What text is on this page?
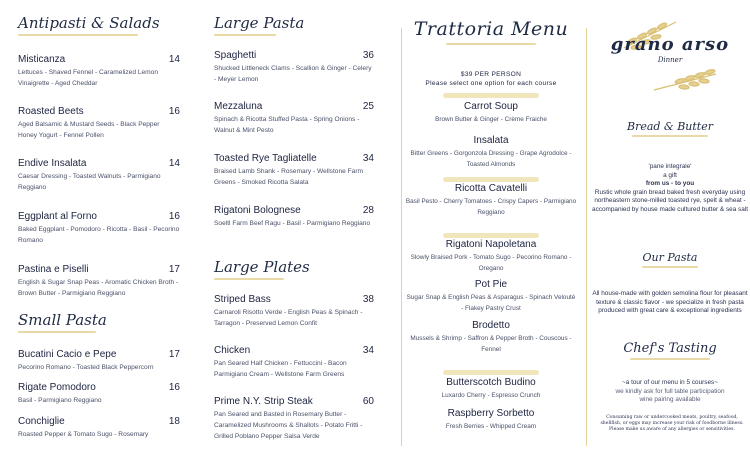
Antipasti & Salads
Misticanza	14
Lettuces - Shaved Fennel - Caramelized Lemon Vinaigrette - Aged Cheddar
Roasted Beets	16
Aged Balsamic & Mustard Seeds - Black Pepper Honey Yogurt - Fennel Pollen
Endive Insalata	14
Caesar Dressing - Toasted Walnuts - Parmigiano Reggiano
Eggplant al Forno	16
Baked Eggplant - Pomodoro - Ricotta - Basil - Pecorino Romano
Pastina e Piselli	17
English & Sugar Snap Peas - Aromatic Chicken Broth - Brown Butter - Parmigiano Reggiano
Small Pasta
Bucatini Cacio e Pepe	17
Pecorino Romano - Toasted Black Peppercorn
Rigate Pomodoro	16
Basil - Parmigiano Reggiano
Conchiglie	18
Roasted Pepper & Tomato Sugo - Rosemary
Large Pasta
Spaghetti	36
Shucked Littleneck Clams - Scallion & Ginger - Celery - Meyer Lemon
Mezzaluna	25
Spinach & Ricotta Stuffed Pasta - Spring Onions - Walnut & Mint Pesto
Toasted Rye Tagliatelle	34
Braised Lamb Shank - Rosemary - Wellstone Farm Greens - Smoked Ricotta Salata
Rigatoni Bolognese	28
Soeltl Farm Beef Ragu - Basil - Parmigiano Reggiano
Large Plates
Striped Bass	38
Carnaroli Risotto Verde - English Peas & Spinach - Tarragon - Preserved Lemon Confit
Chicken	34
Pan Seared Half Chicken - Fettuccini - Bacon Parmigiano Cream - Wellstone Farm Greens
Prime N.Y. Strip Steak	60
Pan Seared and Basted in Rosemary Butter - Caramelized Mushrooms & Shallots - Potato Fritti - Grilled Poblano Pepper Salsa Verde
Trattoria Menu
$39 PER PERSON
Please select one option for each course
Carrot Soup
Brown Butter & Ginger - Crème Fraiche
Insalata
Bitter Greens - Gorgonzola Dressing - Grape Agrodolce - Toasted Almonds
Ricotta Cavatelli
Basil Pesto - Cherry Tomatoes - Crispy Capers - Parmigiano Reggiano
Rigatoni Napoletana
Slowly Braised Pork - Tomato Sugo - Pecorino Romano - Oregano
Pot Pie
Sugar Snap & English Peas & Asparagus - Spinach Velouté - Flakey Pastry Crust
Brodetto
Mussels & Shrimp - Saffron & Pepper Broth - Couscous - Fennel
Butterscotch Budino
Luxardo Cherry - Espresso Crunch
Raspberry Sorbetto
Fresh Berries - Whipped Cream
grano arso
Dinner
Bread & Butter
'pane integrale'
a gift
from us - to you
Rustic whole grain bread baked fresh everyday using northeastern stone-milled toasted rye, spelt & wheat - accompanied by house made cultured butter & sea salt
Our Pasta
All house-made with golden semolina flour for pleasant texture & classic flavor - we specialize in fresh pasta produced with great care & exceptional ingredients
Chef's Tasting
~a tour of our menu in 5 courses~
we kindly ask for full table participation
wine pairing available
Consuming raw or undercooked meats, poultry, seafood, shellfish, or eggs may increase your risk of foodborne illness. Please make us aware of any allergies or sensitivities.
